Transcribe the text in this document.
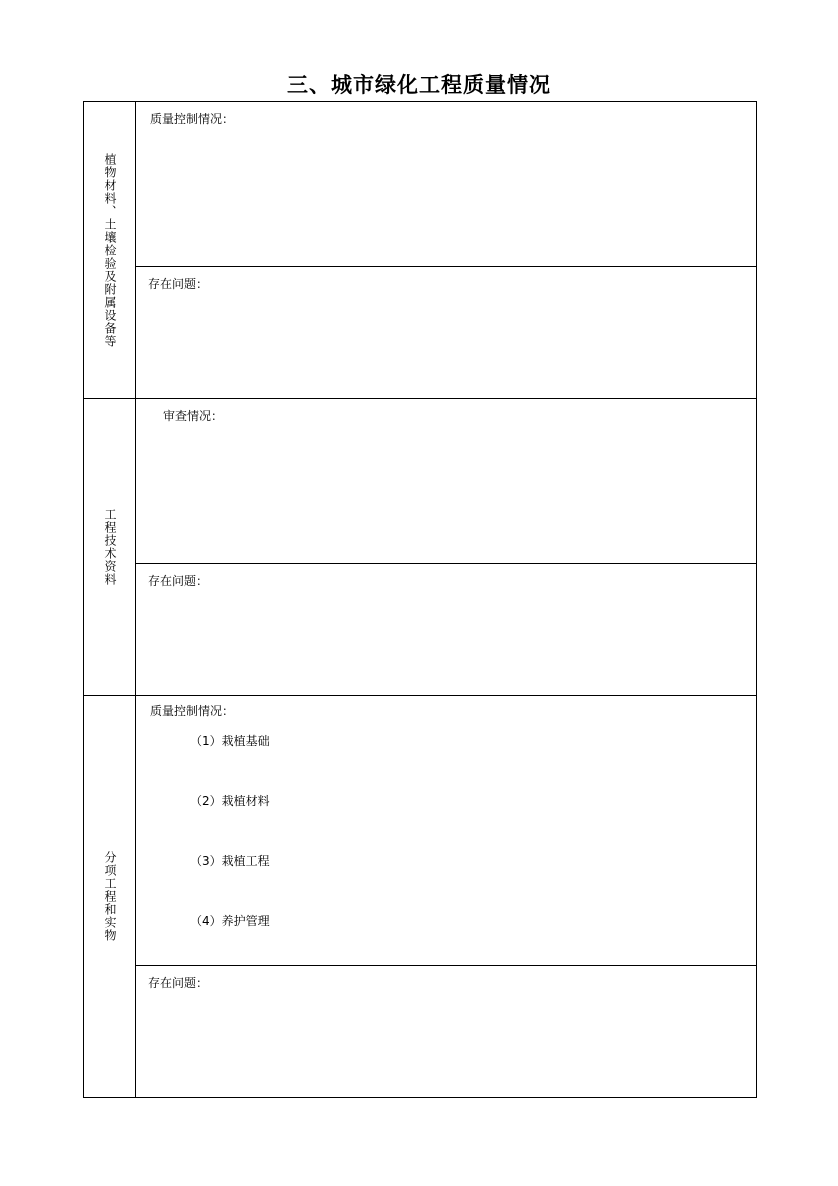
三、城市绿化工程质量情况
植物材料、土壤检验及附属设备等
质量控制情况：
存在问题：
工程技术资料
审查情况：
存在问题：
分项工程和实物
质量控制情况：
（1）栽植基础
（2）栽植材料
（3）栽植工程
（4）养护管理
存在问题：
